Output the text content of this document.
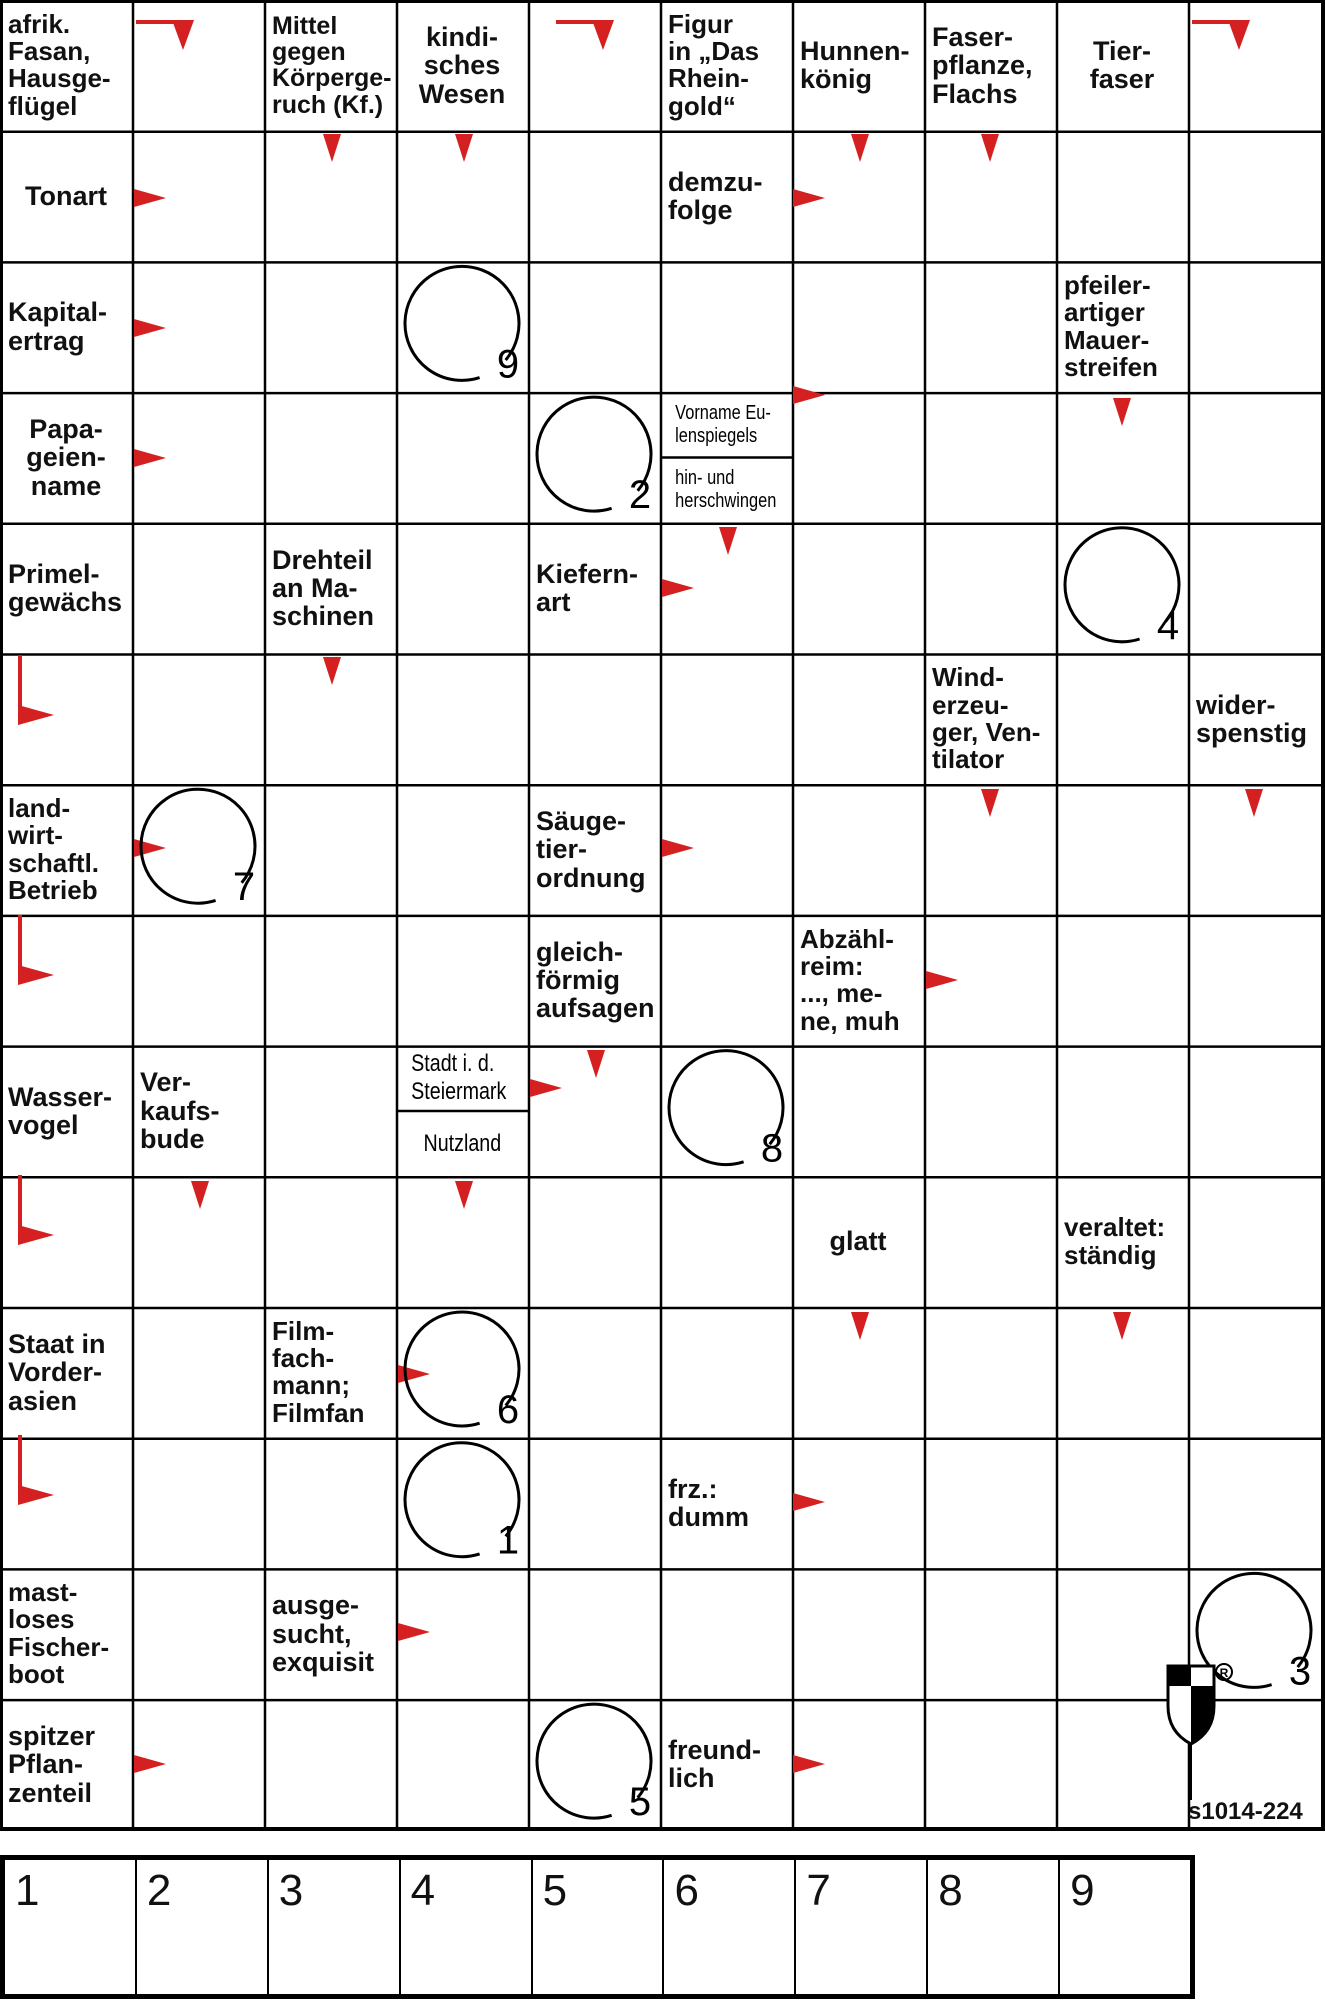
afrik.
Fasan,
Hausge-
flügel
Mittel
gegen
Körperge-
ruch (Kf.)
kindi-
sches
Wesen
Figur
in „Das
Rhein-
gold“
Hunnen-
könig
Faser-
pflanze,
Flachs
Tier-
faser
Tonart	demzu-
folge
Kapital-
ertrag
pfeiler-
artiger
Mauer-
streifen
Papa-
geien-
name
Vorname Eu- lenspiegels
hin- und herschwingen
Primel-
gewächs
Drehteil
an Ma-
schinen
Kiefern-
art
Wind-
erzeu-
ger, Ven-
tilator
wider-
spenstig
land-
wirt-
schaftl.
Betrieb
Säuge-
tier-
ordnung
gleich-
förmig
aufsagen
Abzähl-
reim:
..., me-
ne, muh
Wasser-
vogel
Ver-
kaufs-
bude
Stadt i. d. Steiermark
Nutzland
glatt	veraltet:
ständig
Staat in
Vorder-
asien
Film-
fach-
mann;
Filmfan
frz.:
dumm
mast-
loses
Fischer-
boot
ausge-
sucht,
exquisit
spitzer
Pflan-
zenteil
freund-
lich
9
2
4
7
8
6
1
3
5
R
s1014-224
1 2 3 4 5 6 7 8 9
